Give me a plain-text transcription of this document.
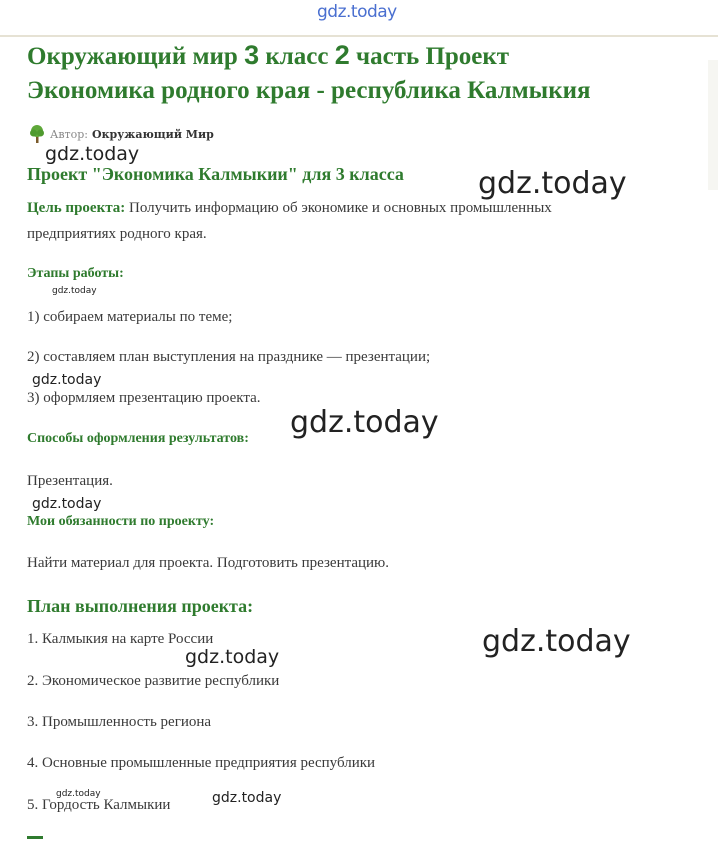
gdz.today
Окружающий мир 3 класс 2 часть Проект
Экономика родного края - республика Калмыкия
Автор: Окружающий Мир
gdz.today
Проект "Экономика Калмыкии" для 3 класса gdz.today
Цель проекта: Получить информацию об экономике и основных промышленных
предприятиях родного края.
Этапы работы:
gdz.today
1) собираем материалы по теме;
2) составляем план выступления на празднике — презентации;
gdz.today
3) оформляем презентацию проекта.
Способы оформления результатов: gdz.today
Презентация.
gdz.today
Мои обязанности по проекту:
Найти материал для проекта. Подготовить презентацию.
План выполнения проекта:
1. Калмыкия на карте России	gdz.today
gdz.today
2. Экономическое развитие республики
3. Промышленность региона
4. Основные промышленные предприятия республики
gdz.today
5. Гордость Калмыкии	gdz.today
